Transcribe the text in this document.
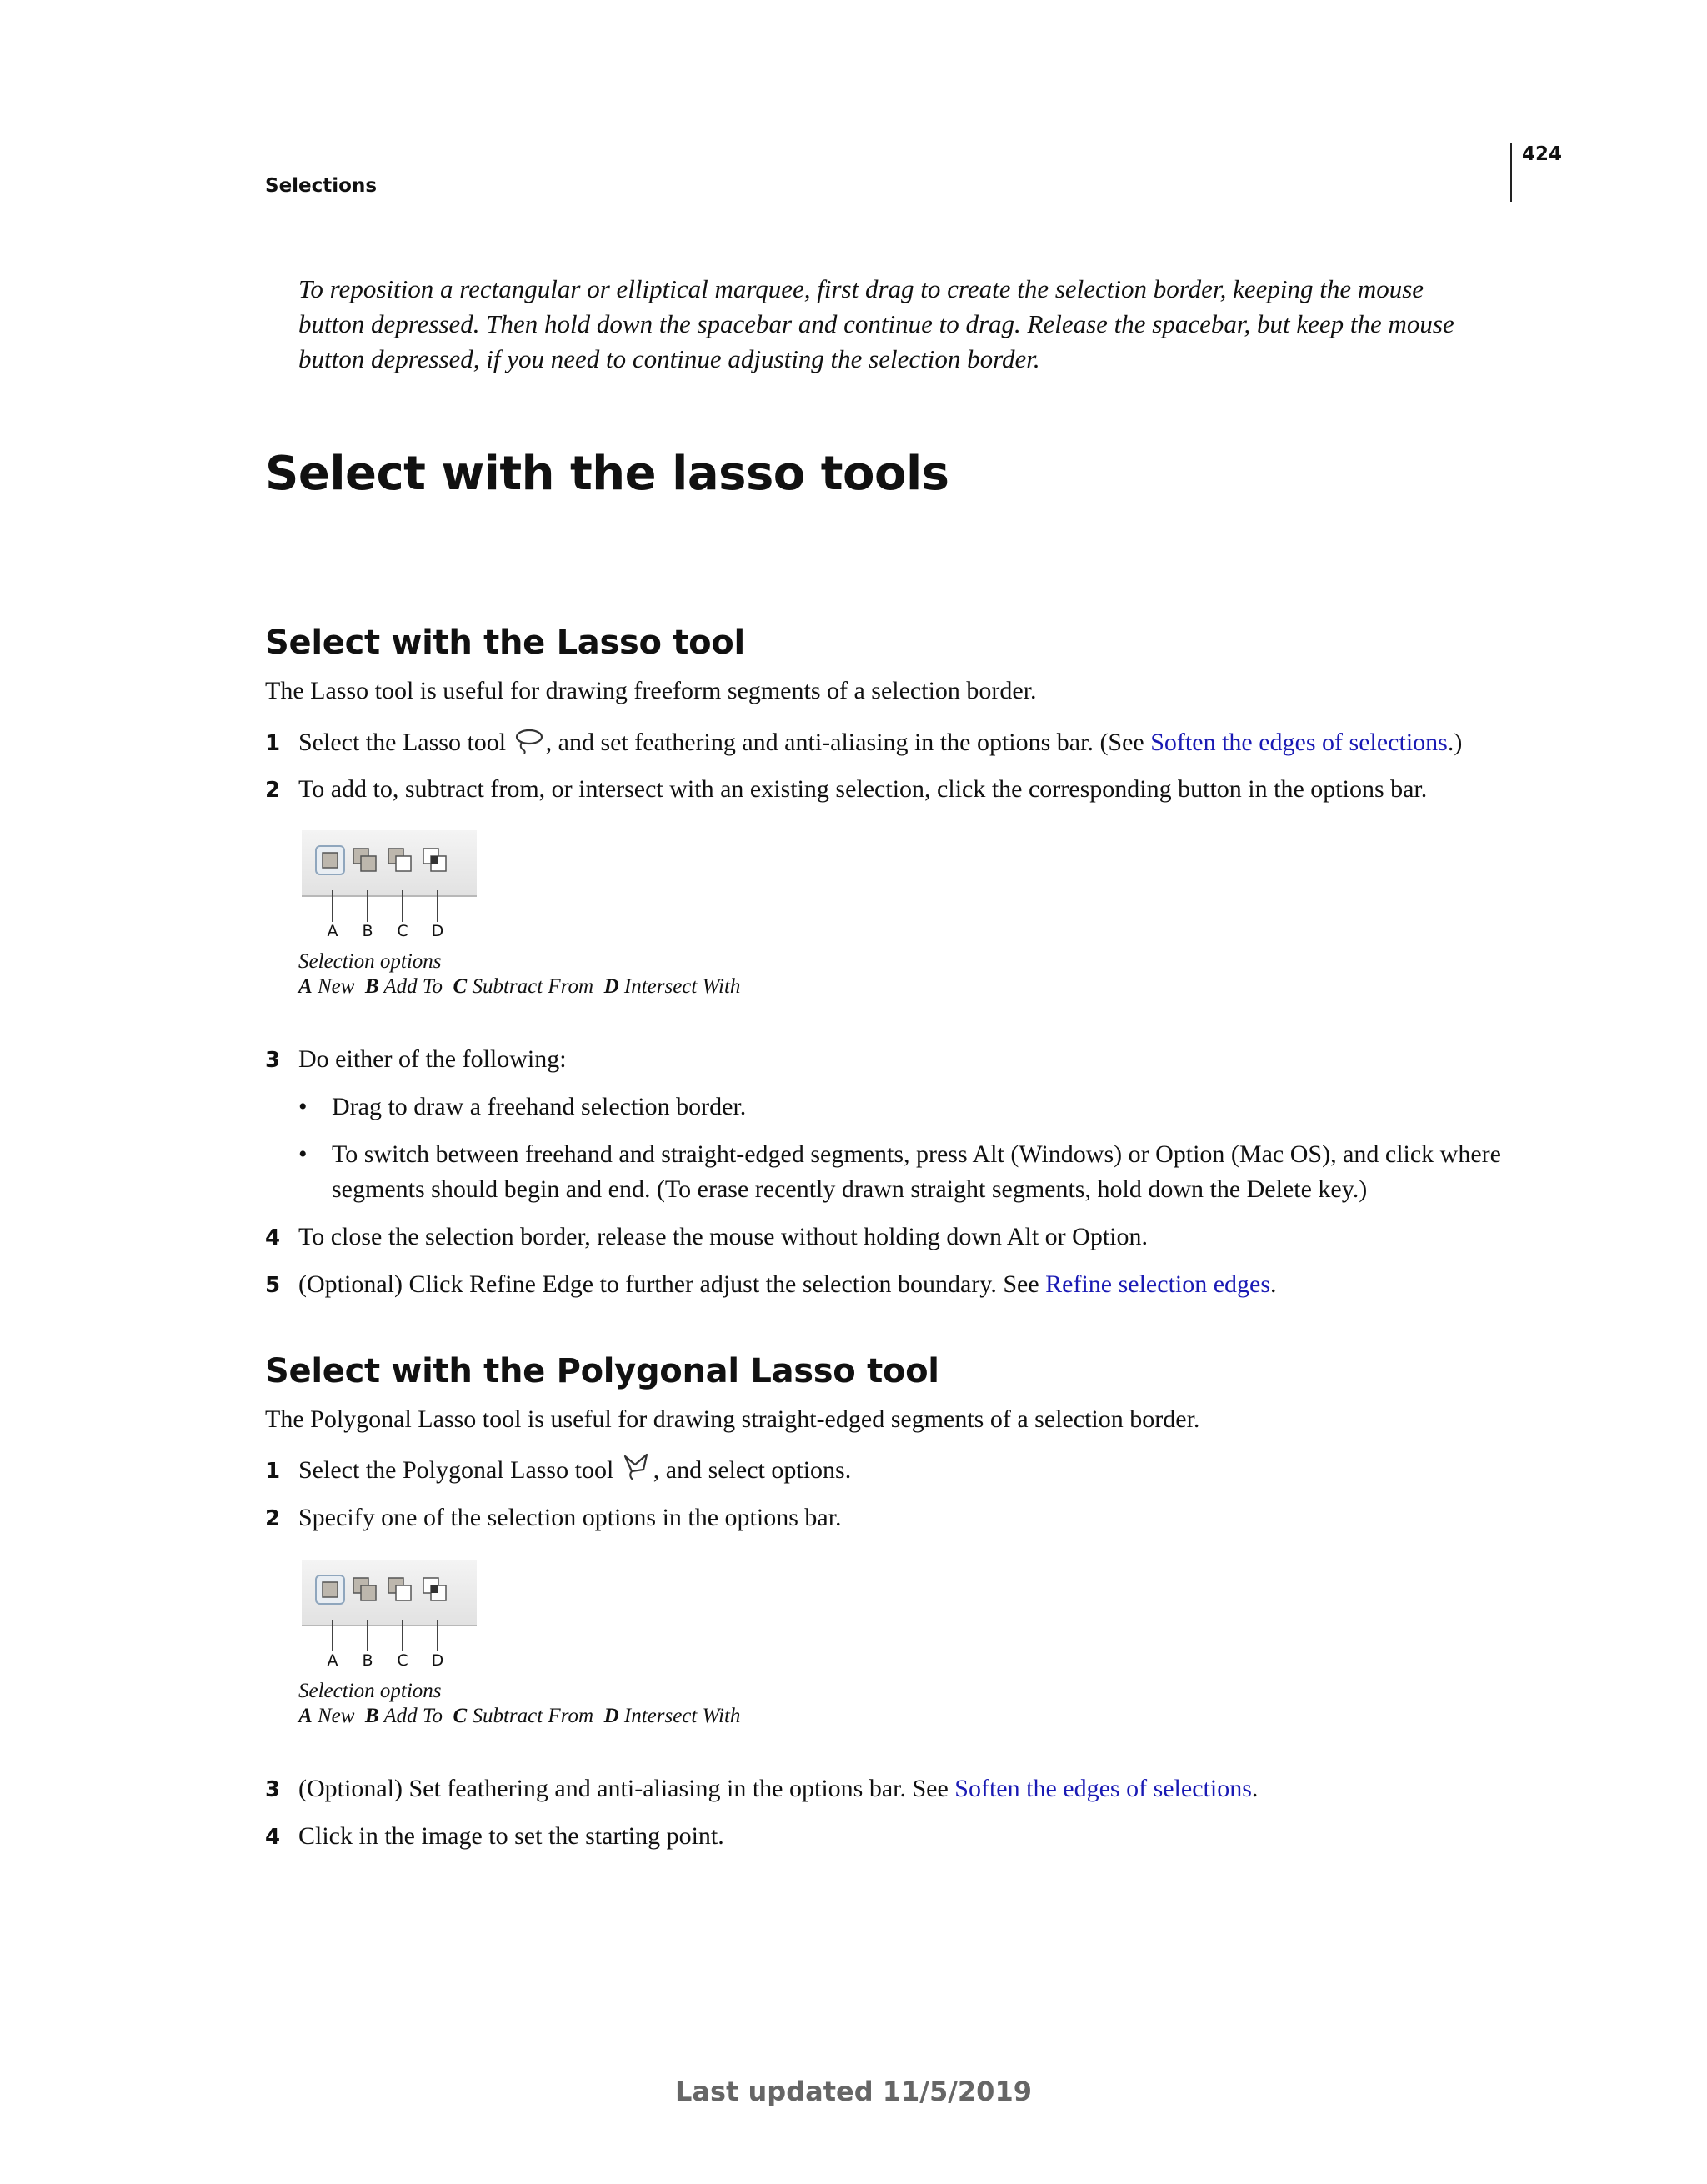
424
Selections
To reposition a rectangular or elliptical marquee, first drag to create the selection border, keeping the mouse button depressed. Then hold down the spacebar and continue to drag. Release the spacebar, but keep the mouse button depressed, if you need to continue adjusting the selection border.
Select with the lasso tools
Select with the Lasso tool
The Lasso tool is useful for drawing freeform segments of a selection border.
1 Select the Lasso tool , and set feathering and anti-aliasing in the options bar. (See Soften the edges of selections.)
2 To add to, subtract from, or intersect with an existing selection, click the corresponding button in the options bar.
A B C D
Selection options
A New B Add To C Subtract From D Intersect With
3 Do either of the following:
• Drag to draw a freehand selection border.
• To switch between freehand and straight-edged segments, press Alt (Windows) or Option (Mac OS), and click where segments should begin and end. (To erase recently drawn straight segments, hold down the Delete key.)
4 To close the selection border, release the mouse without holding down Alt or Option.
5 (Optional) Click Refine Edge to further adjust the selection boundary. See Refine selection edges.
Select with the Polygonal Lasso tool
The Polygonal Lasso tool is useful for drawing straight-edged segments of a selection border.
1 Select the Polygonal Lasso tool , and select options.
2 Specify one of the selection options in the options bar.
A B C D
Selection options
A New B Add To C Subtract From D Intersect With
3 (Optional) Set feathering and anti-aliasing in the options bar. See Soften the edges of selections.
4 Click in the image to set the starting point.
Last updated 11/5/2019
